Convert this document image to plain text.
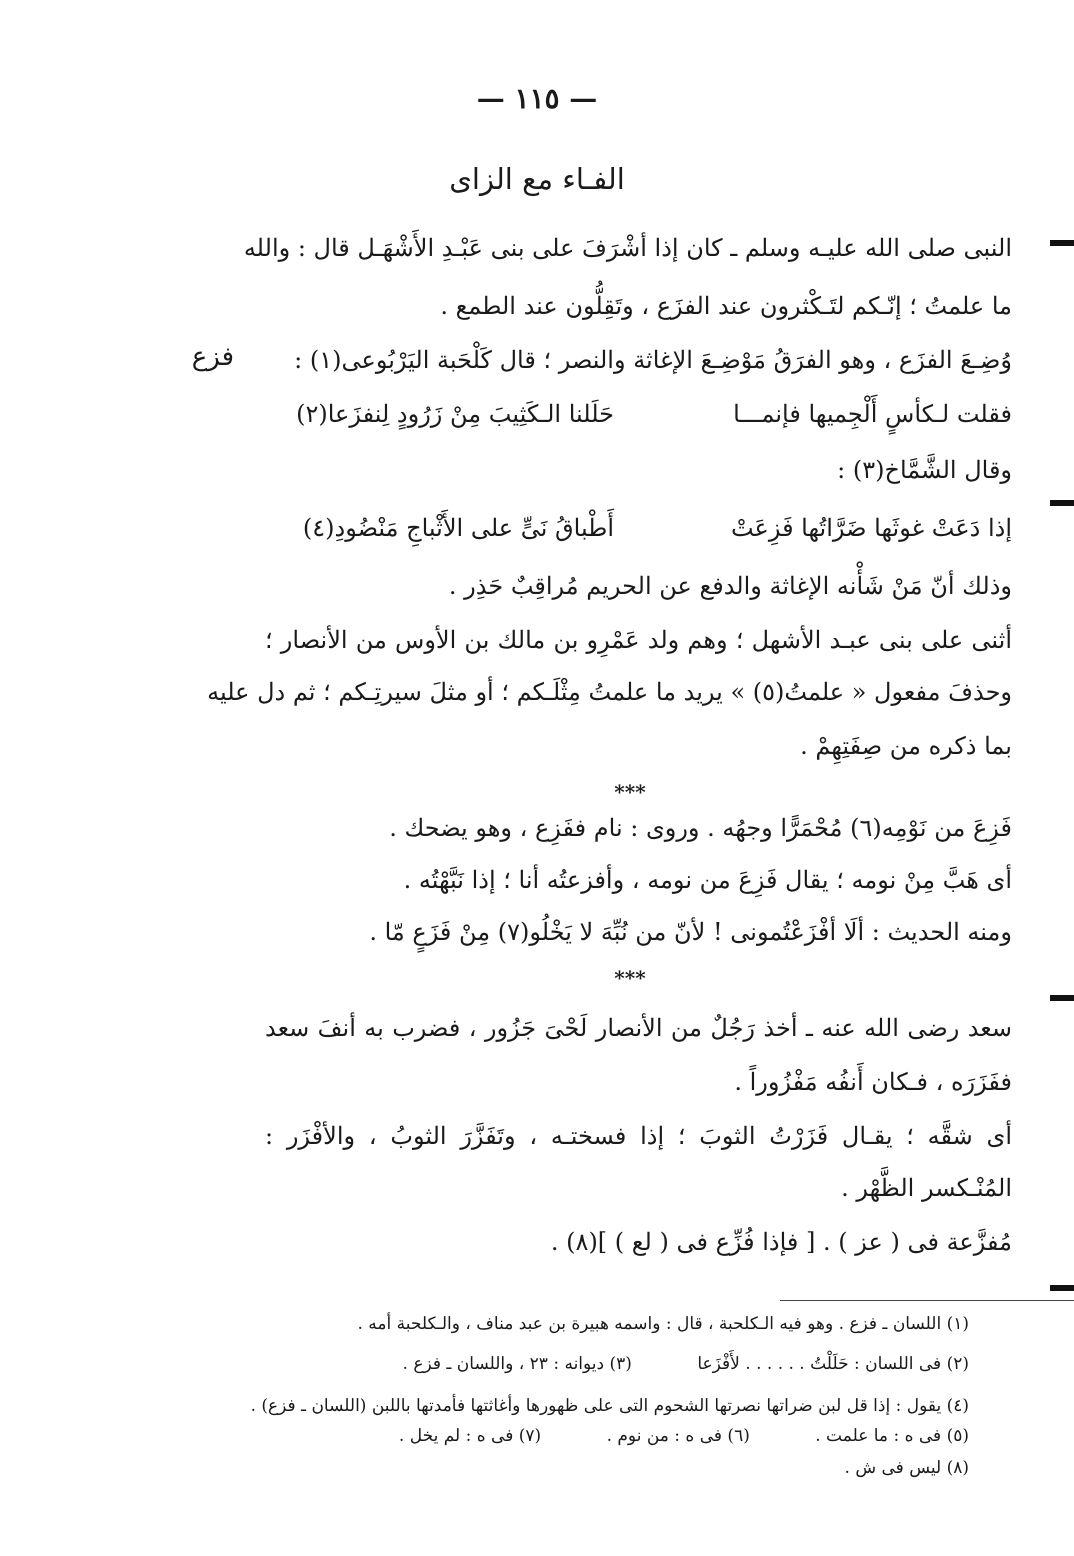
— ١١٥ —
الفـاء مع الزاى
فزع
النبى صلى الله عليـه وسلم ـ كان إذا أشْرَفَ على بنى عَبْـدِ الأَشْهَـل قال : والله
ما علمتُ ؛ إنّـكم لتَـكْثرون عند الفزَع ، وتَقِلُّون عند الطمع .
وُضِـعَ الفزَع ، وهو الفرَقُ مَوْضِـعَ الإغاثة والنصر ؛ قال كَلْحَبة اليَرْبُوعى(١) :
فقلت لـكأسٍ أَلْجِميها فإنمـــا
حَلَلنا الـكَثِيبَ مِنْ زَرُودٍ لِنفزَعا(٢)
وقال الشَّمَّاخ(٣) :
إذا دَعَتْ غوثَها ضَرَّاتُها فَزِعَتْ
أَطْباقُ نَىٍّ على الأَثْباجِ مَنْضُودِ(٤)
وذلك أنّ مَنْ شَأْنه الإغاثة والدفع عن الحريم مُراقِبٌ حَذِر .
أثنى على بنى عبـد الأشهل ؛ وهم ولد عَمْرِو بن مالك بن الأوس من الأنصار ؛
وحذفَ مفعول « علمتُ(٥) » يريد ما علمتُ مِثْلَـكم ؛ أو مثلَ سيرتِـكم ؛ ثم دل عليه
بما ذكره من صِفَتِهِمْ .
***
فَزِعَ من نَوْمِه(٦) مُحْمَرًّا وجهُه . وروى : نام ففَزِع ، وهو يضحك .
أى هَبَّ مِنْ نومه ؛ يقال فَزِعَ من نومه ، وأفزعتُه أنا ؛ إذا نَبَّهْتُه .
ومنه الحديث : ألَا أفْزَعْتُمونى ! لأنّ من نُبِّهَ لا يَخْلُو(٧) مِنْ فَزَعٍ مّا .
***
سعد رضى الله عنه ـ أخذ رَجُلٌ من الأنصار لَحْىَ جَزُور ، فضرب به أنفَ سعد
ففَزَرَه ، فـكان أَنفُه مَفْزُوراً .
أى شقَّه ؛ يقـال فَزَرْتُ الثوبَ ؛ إذا فسختـه ، وتَفَزَّرَ الثوبُ ، والأفْزَر :
المُنْـكسر الظَّهْر .
مُفزَّعة فى ( عز ) . [ فإذا فُزِّع فى ( لع ) ](٨) .
(١) اللسان ـ فزع . وهو فيه الـكلحبة ، قال : واسمه هبيرة بن عبد مناف ، والـكلحبة أمه .
(٢) فى اللسان : حَلَلْتُ . . . . . . لأَفْزَعا (٣) ديوانه : ٢٣ ، واللسان ـ فزع .
(٤) يقول : إذا قل لبن ضراتها نصرتها الشحوم التى على ظهورها وأغاثتها فأمدتها باللبن (اللسان ـ فزع) .
(٥) فى ه : ما علمت . (٦) فى ه : من نوم . (٧) فى ه : لم يخل .
(٨) ليس فى ش .
